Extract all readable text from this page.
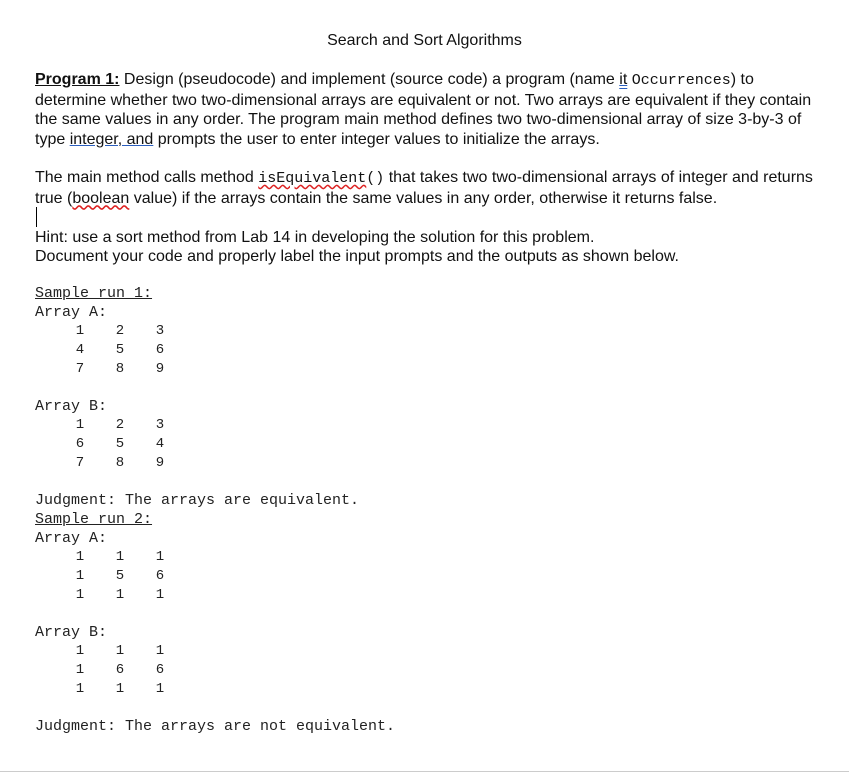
Search and Sort Algorithms
Program 1: Design (pseudocode) and implement (source code) a program (name it Occurrences) to determine whether two two-dimensional arrays are equivalent or not. Two arrays are equivalent if they contain the same values in any order. The program main method defines two two-dimensional array of size 3-by-3 of type integer, and prompts the user to enter integer values to initialize the arrays.
The main method calls method isEquivalent() that takes two two-dimensional arrays of integer and returns true (boolean value) if the arrays contain the same values in any order, otherwise it returns false.
Hint: use a sort method from Lab 14 in developing the solution for this problem.
Document your code and properly label the input prompts and the outputs as shown below.
Sample run 1:
Array A:
1	2	3
4	5	6
7	8	9
Array B:
1	2	3
6	5	4
7	8	9
Judgment: The arrays are equivalent.
Sample run 2:
Array A:
1	1	1
1	5	6
1	1	1
Array B:
1	1	1
1	6	6
1	1	1
Judgment: The arrays are not equivalent.
